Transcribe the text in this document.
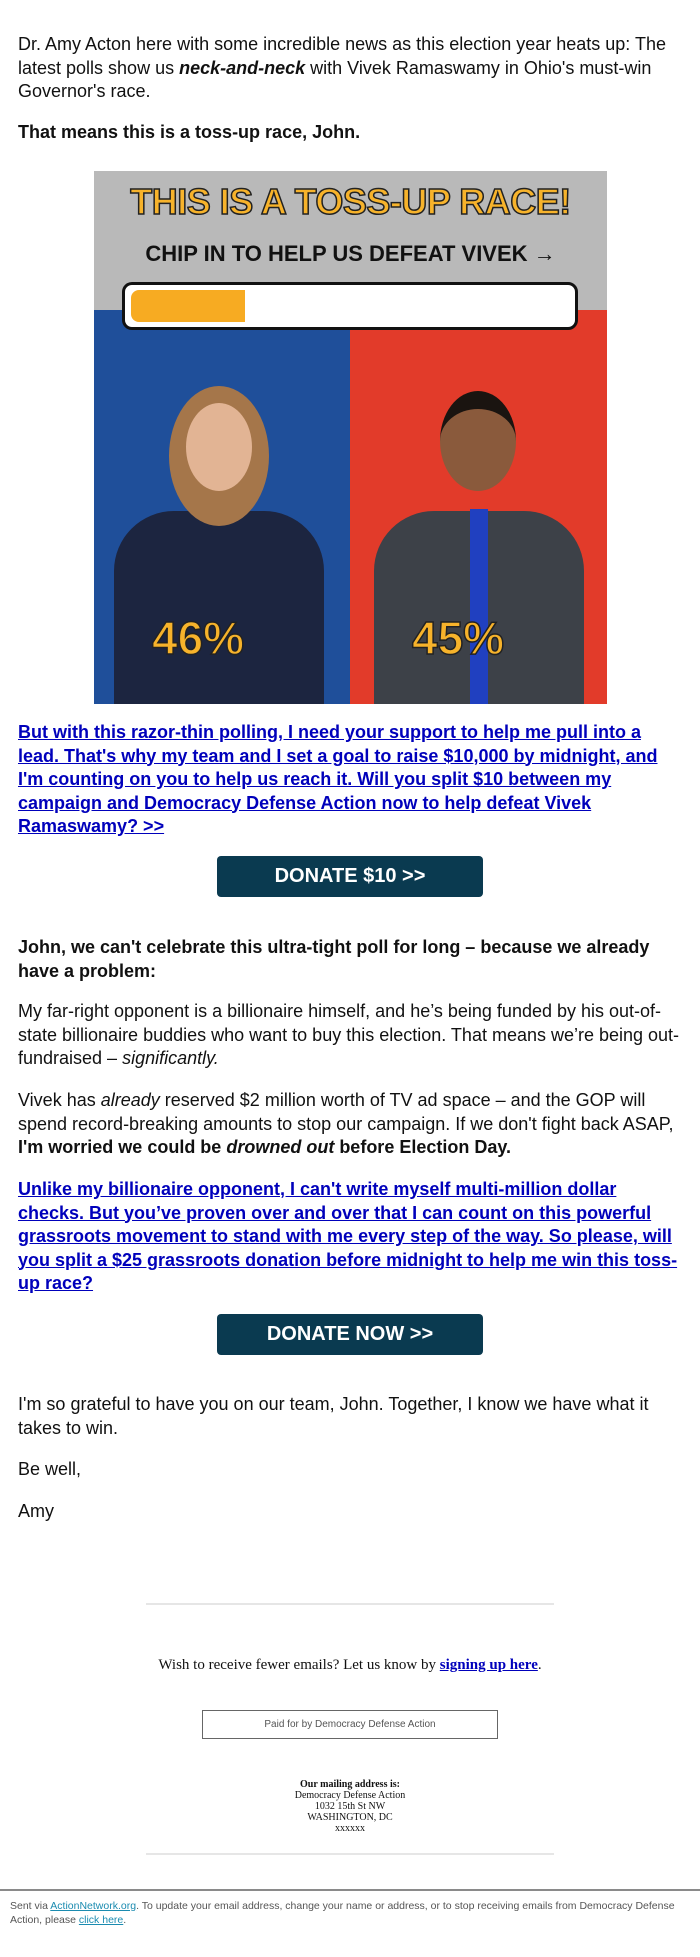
Dr. Amy Acton here with some incredible news as this election year heats up: The latest polls show us neck-and-neck with Vivek Ramaswamy in Ohio's must-win Governor's race.

That means this is a toss-up race, John.

THIS IS A TOSS-UP RACE!
CHIP IN TO HELP US DEFEAT VIVEK →
46%	45%

But with this razor-thin polling, I need your support to help me pull into a lead. That's why my team and I set a goal to raise $10,000 by midnight, and I'm counting on you to help us reach it. Will you split $10 between my campaign and Democracy Defense Action now to help defeat Vivek Ramaswamy? >>

DONATE $10 >>

John, we can't celebrate this ultra-tight poll for long – because we already have a problem:

My far-right opponent is a billionaire himself, and he’s being funded by his out-of-state billionaire buddies who want to buy this election. That means we’re being out-fundraised – significantly.

Vivek has already reserved $2 million worth of TV ad space – and the GOP will spend record-breaking amounts to stop our campaign. If we don't fight back ASAP, I'm worried we could be drowned out before Election Day.

Unlike my billionaire opponent, I can't write myself multi-million dollar checks. But you’ve proven over and over that I can count on this powerful grassroots movement to stand with me every step of the way. So please, will you split a $25 grassroots donation before midnight to help me win this toss-up race?

DONATE NOW >>

I'm so grateful to have you on our team, John. Together, I know we have what it takes to win.

Be well,

Amy

Wish to receive fewer emails? Let us know by signing up here.

Paid for by Democracy Defense Action
Our mailing address is:
Democracy Defense Action
1032 15th St NW
WASHINGTON, DC
xxxxxx

Sent via ActionNetwork.org. To update your email address, change your name or address, or to stop receiving emails from Democracy Defense Action, please click here.
